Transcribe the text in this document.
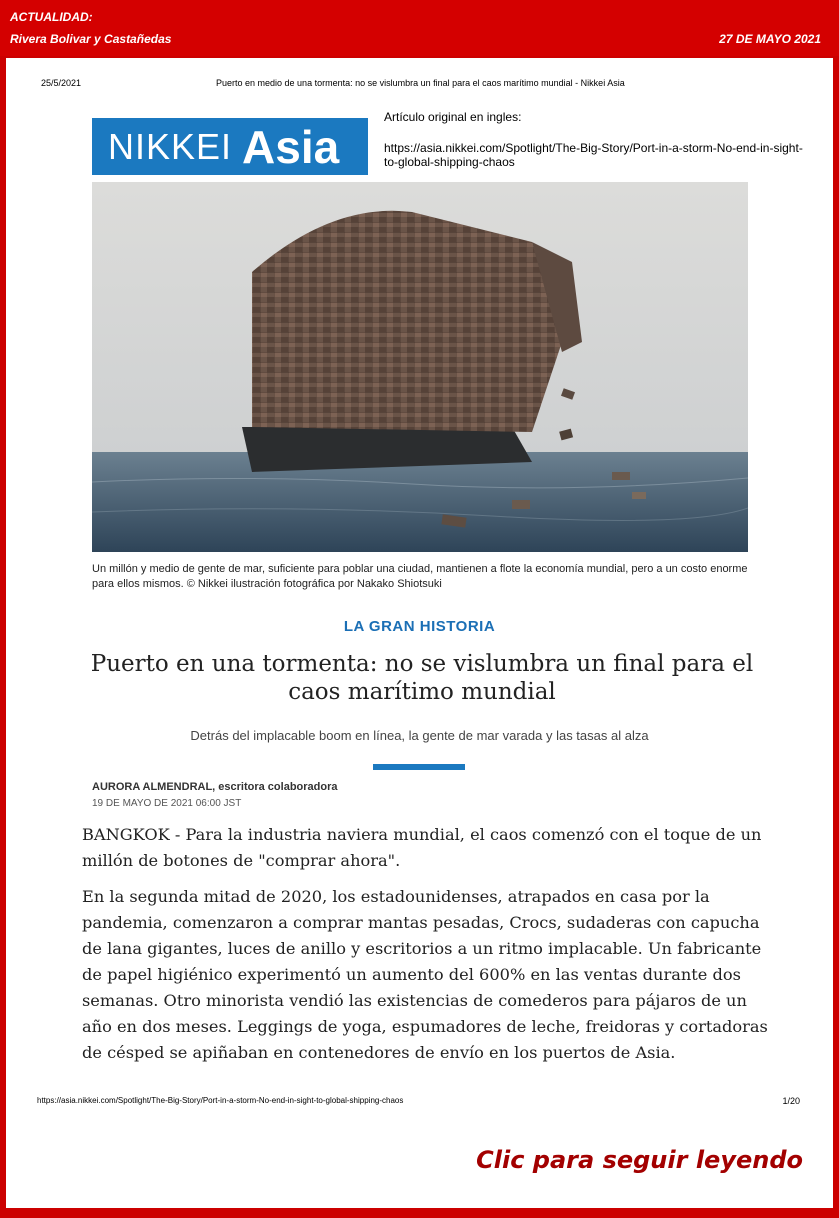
ACTUALIDAD:
Rivera Bolivar y Castañedas	27 DE MAYO 2021
25/5/2021	Puerto en medio de una tormenta: no se vislumbra un final para el caos marítimo mundial - Nikkei Asia
NIKKEI Asia
Artículo original en ingles:
https://asia.nikkei.com/Spotlight/The-Big-Story/Port-in-a-storm-No-end-in-sight-to-global-shipping-chaos
Un millón y medio de gente de mar, suficiente para poblar una ciudad, mantienen a flote la economía mundial, pero a un costo enorme para ellos mismos. © Nikkei ilustración fotográfica por Nakako Shiotsuki
LA GRAN HISTORIA
Puerto en una tormenta: no se vislumbra un final para el caos marítimo mundial
Detrás del implacable boom en línea, la gente de mar varada y las tasas al alza
AURORA ALMENDRAL, escritora colaboradora
19 DE MAYO DE 2021 06:00 JST

BANGKOK - Para la industria naviera mundial, el caos comenzó con el toque de un millón de botones de "comprar ahora".

En la segunda mitad de 2020, los estadounidenses, atrapados en casa por la pandemia, comenzaron a comprar mantas pesadas, Crocs, sudaderas con capucha de lana gigantes, luces de anillo y escritorios a un ritmo implacable. Un fabricante de papel higiénico experimentó un aumento del 600% en las ventas durante dos semanas. Otro minorista vendió las existencias de comederos para pájaros de un año en dos meses. Leggings de yoga, espumadores de leche, freidoras y cortadoras de césped se apiñaban en contenedores de envío en los puertos de Asia.

https://asia.nikkei.com/Spotlight/The-Big-Story/Port-in-a-storm-No-end-in-sight-to-global-shipping-chaos	1/20
Clic para seguir leyendo
